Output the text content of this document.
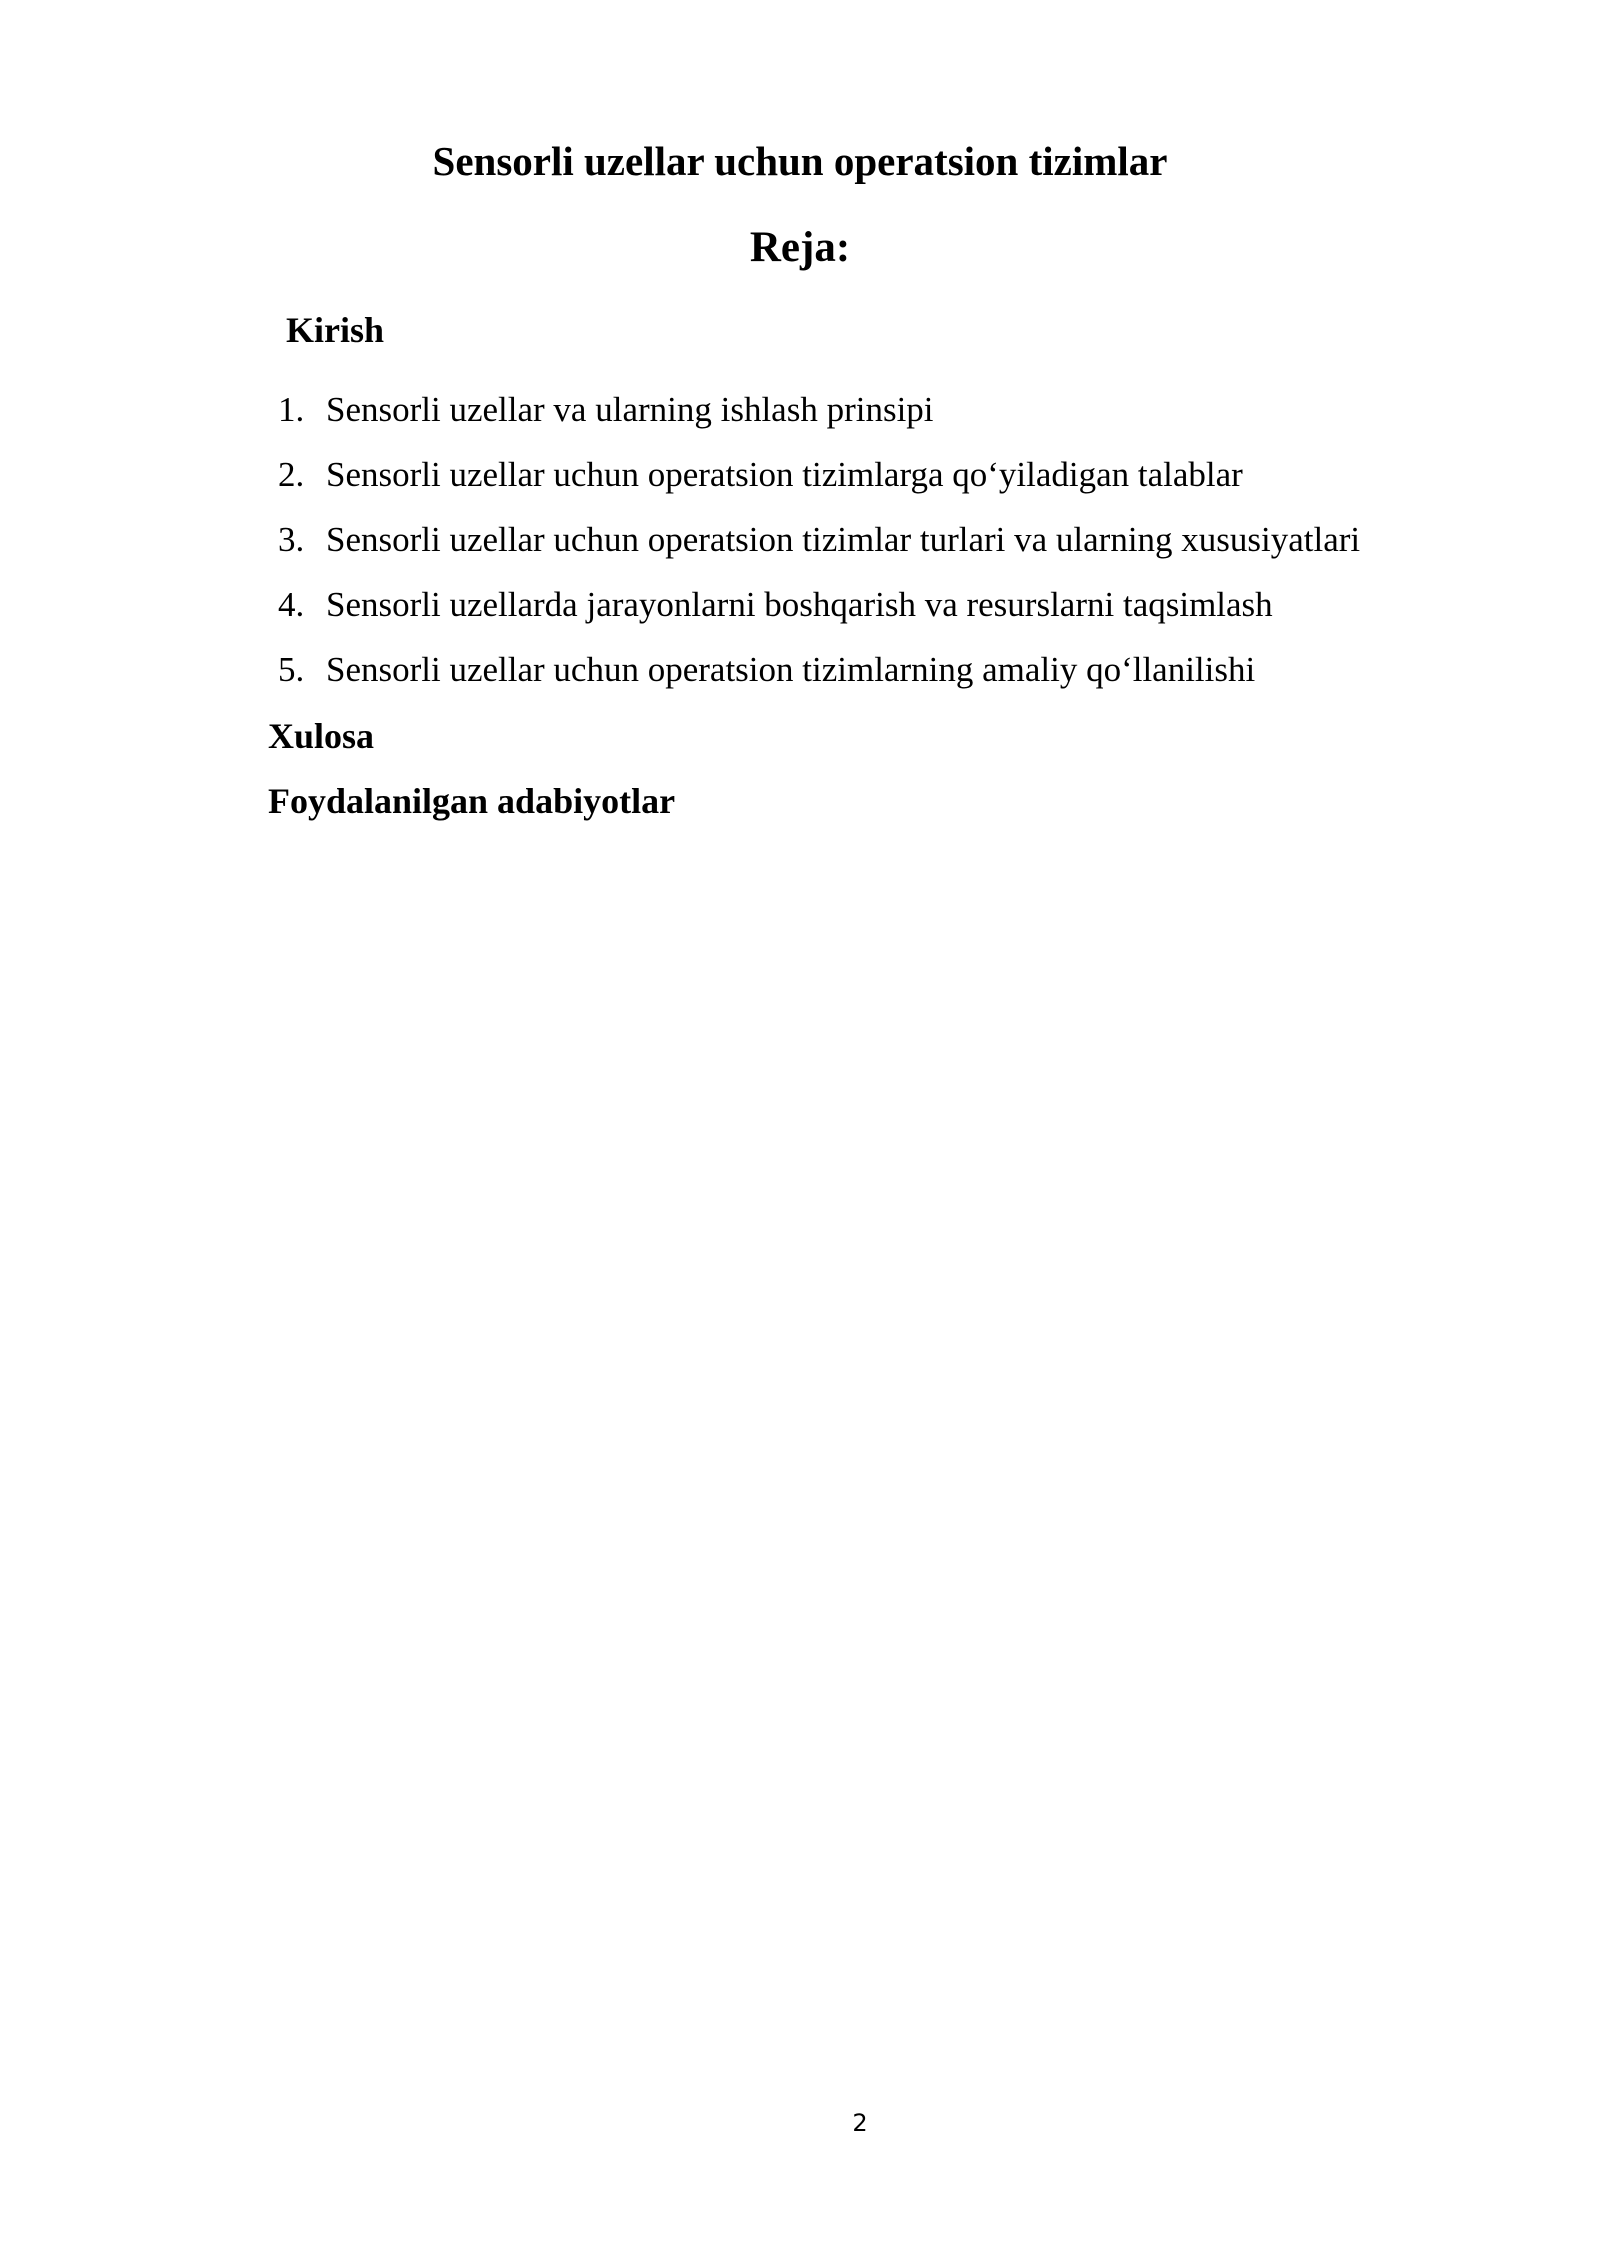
Sensorli uzellar uchun operatsion tizimlar
Reja:
Kirish
1. Sensorli uzellar va ularning ishlash prinsipi
2. Sensorli uzellar uchun operatsion tizimlarga qo‘yiladigan talablar
3. Sensorli uzellar uchun operatsion tizimlar turlari va ularning xususiyatlari
4. Sensorli uzellarda jarayonlarni boshqarish va resurslarni taqsimlash
5. Sensorli uzellar uchun operatsion tizimlarning amaliy qo‘llanilishi
Xulosa
Foydalanilgan adabiyotlar
2
